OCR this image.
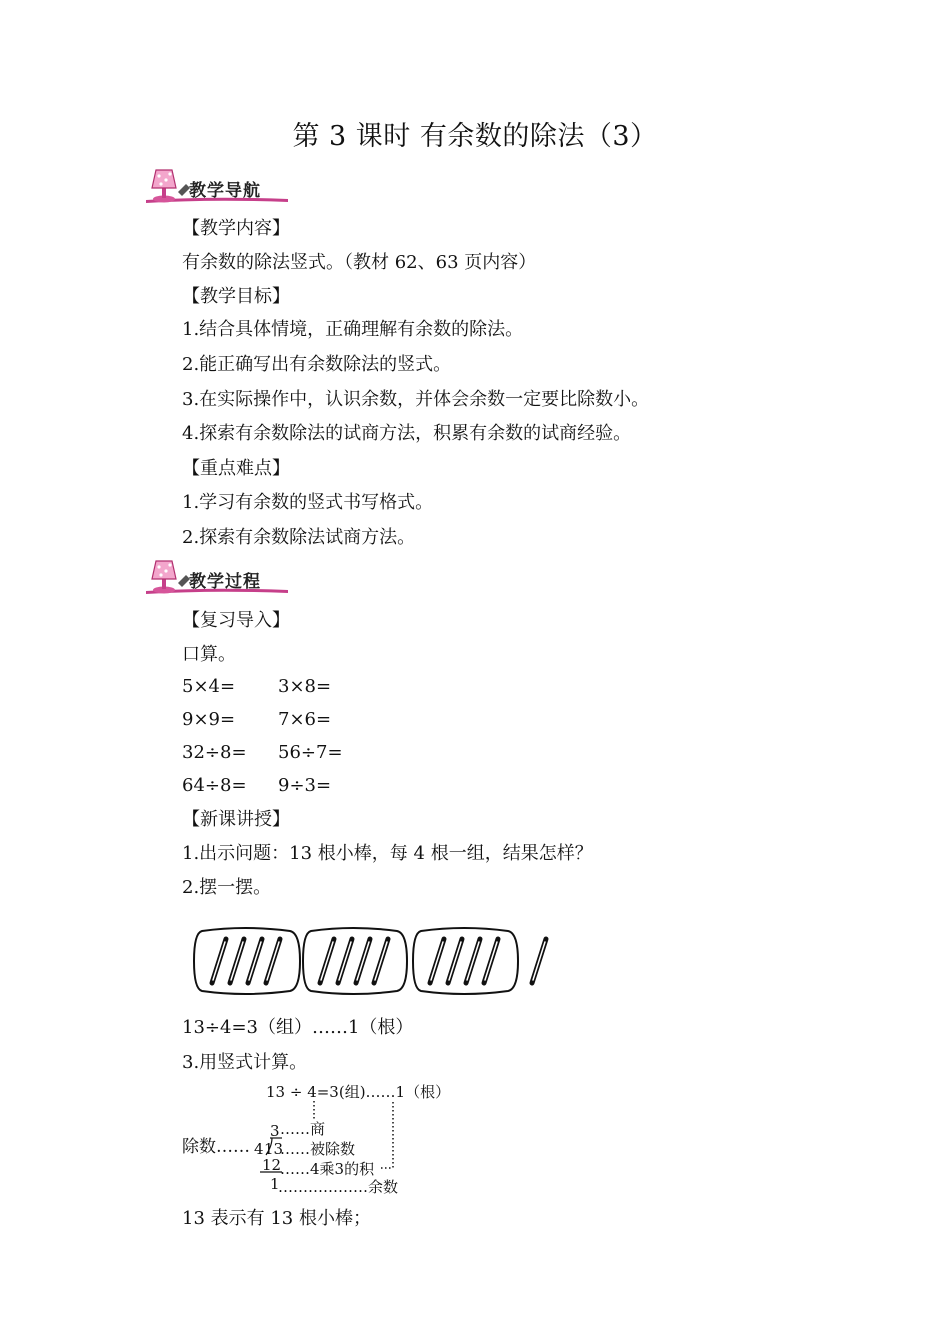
第 3 课时 有余数的除法（3）
教学导航
【教学内容】
有余数的除法竖式。（教材 62、63 页内容）
【教学目标】
1.结合具体情境，正确理解有余数的除法。
2.能正确写出有余数除法的竖式。
3.在实际操作中，认识余数，并体会余数一定要比除数小。
4.探索有余数除法的试商方法，积累有余数的试商经验。
【重点难点】
1.学习有余数的竖式书写格式。
2.探索有余数除法试商方法。
教学过程
【复习导入】
口算。
5×4= 3×8=
9×9= 7×6=
32÷8= 56÷7=
64÷8= 9÷3=
【新课讲授】
1.出示问题：13 根小棒，每 4 根一组，结果怎样？
2.摆一摆。
13÷4=3（组）……1（根）
3.用竖式计算。
13 ÷ 4=3(组)……1（根）
3 ……商
除数…… 4 13
……被除数
12
……4乘3的积
1
………………余数
13 表示有 13 根小棒；
